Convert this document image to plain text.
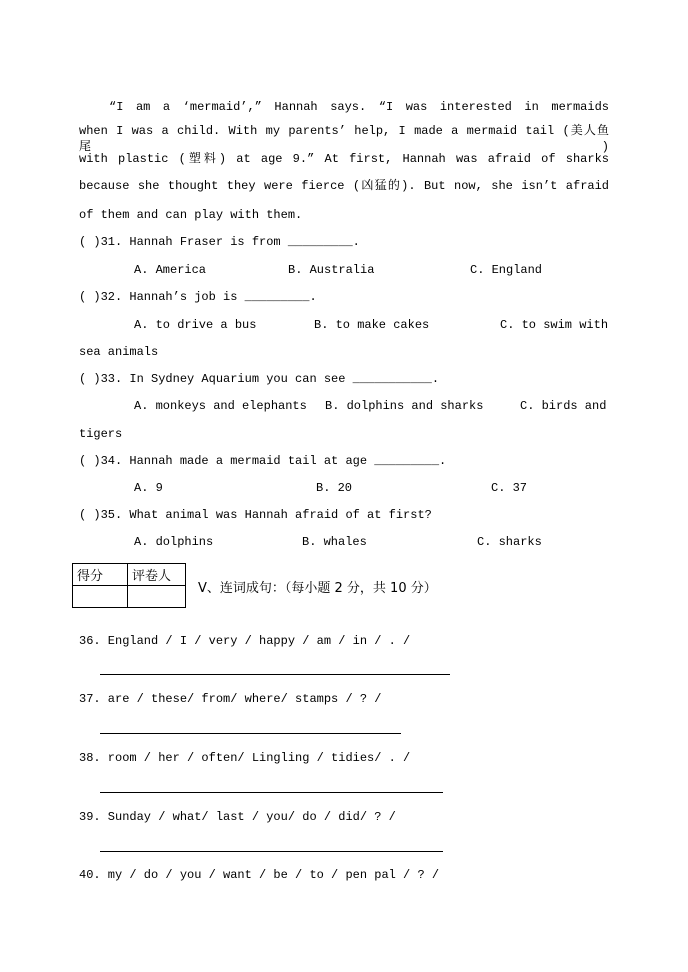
“I am a ‘mermaid’,” Hannah says. “I was interested in mermaids
when I was a child. With my parents’ help, I made a mermaid tail (美人鱼尾)
with plastic (塑料) at age 9.” At first, Hannah was afraid of sharks
because she thought they were fierce (凶猛的). But now, she isn’t afraid
of them and can play with them.
( )31. Hannah Fraser is from _________.
A. America	B. Australia	C. England
( )32. Hannah’s job is _________.
A. to drive a bus	B. to make cakes	C. to swim with
sea animals
( )33. In Sydney Aquarium you can see ___________.
A. monkeys and elephants B. dolphins and sharks	C. birds and
tigers
( )34. Hannah made a mermaid tail at age _________.
A. 9	B. 20	C. 37
( )35. What animal was Hannah afraid of at first?
A. dolphins	B. whales	C. sharks
得分	评卷人

V、连词成句：（每小题 2 分，共 10 分）
36. England / I / very / happy / am / in / . /
37. are / these/ from/ where/ stamps / ? /
38. room / her / often/ Lingling / tidies/ . /
39. Sunday / what/ last / you/ do / did/ ? /
40. my / do / you / want / be / to / pen pal / ? /
